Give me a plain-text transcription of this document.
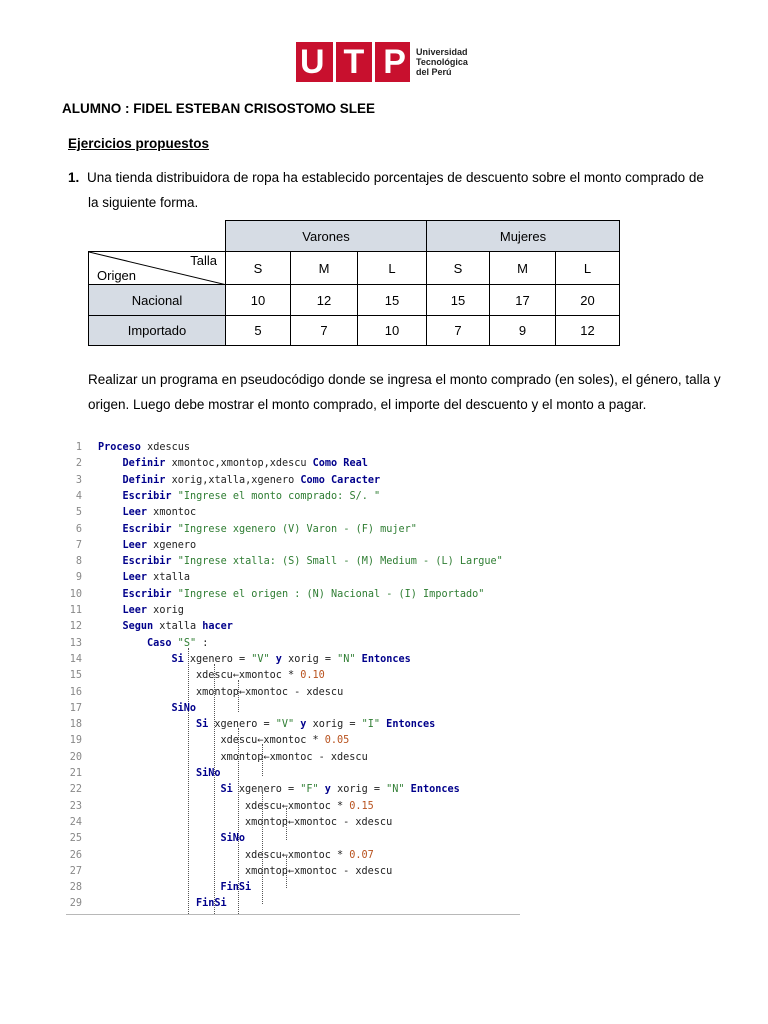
U T P Universidad
Tecnológica
del Perú
ALUMNO : FIDEL ESTEBAN CRISOSTOMO SLEE
Ejercicios propuestos
1. Una tienda distribuidora de ropa ha establecido porcentajes de descuento sobre el monto comprado de
la siguiente forma.
	Varones			Mujeres		

Talla
Origen	S	M	L	S	M	L
Nacional	10	12	15	15	17	20
Importado	5	7	10	7	9	12
Realizar un programa en pseudocódigo donde se ingresa el monto comprado (en soles), el género, talla y
origen. Luego debe mostrar el monto comprado, el importe del descuento y el monto a pagar.
1 Proceso xdescus
2	Definir xmontoc,xmontop,xdescu Como Real
3	Definir xorig,xtalla,xgenero Como Caracter
4	Escribir "Ingrese el monto comprado: S/. "
5	Leer xmontoc
6	Escribir "Ingrese xgenero (V) Varon - (F) mujer"
7	Leer xgenero
8	Escribir "Ingrese xtalla: (S) Small - (M) Medium - (L) Largue"
9	Leer xtalla
10	Escribir "Ingrese el origen : (N) Nacional - (I) Importado"
11	Leer xorig
12	Segun xtalla hacer
13	Caso "S" :
14	Si xgenero = "V" y xorig = "N" Entonces
15	xdescu←xmontoc * 0.10
16	xmontop←xmontoc - xdescu
17	SiNo
18	Si xgenero = "V" y xorig = "I" Entonces
19	xdescu←xmontoc * 0.05
20	xmontop←xmontoc - xdescu
21	SiNo
22	Si xgenero = "F" y xorig = "N" Entonces
23	xdescu←xmontoc * 0.15
24	xmontop←xmontoc - xdescu
25	SiNo
26	xdescu←xmontoc * 0.07
27	xmontop←xmontoc - xdescu
28	FinSi
29	FinSi
